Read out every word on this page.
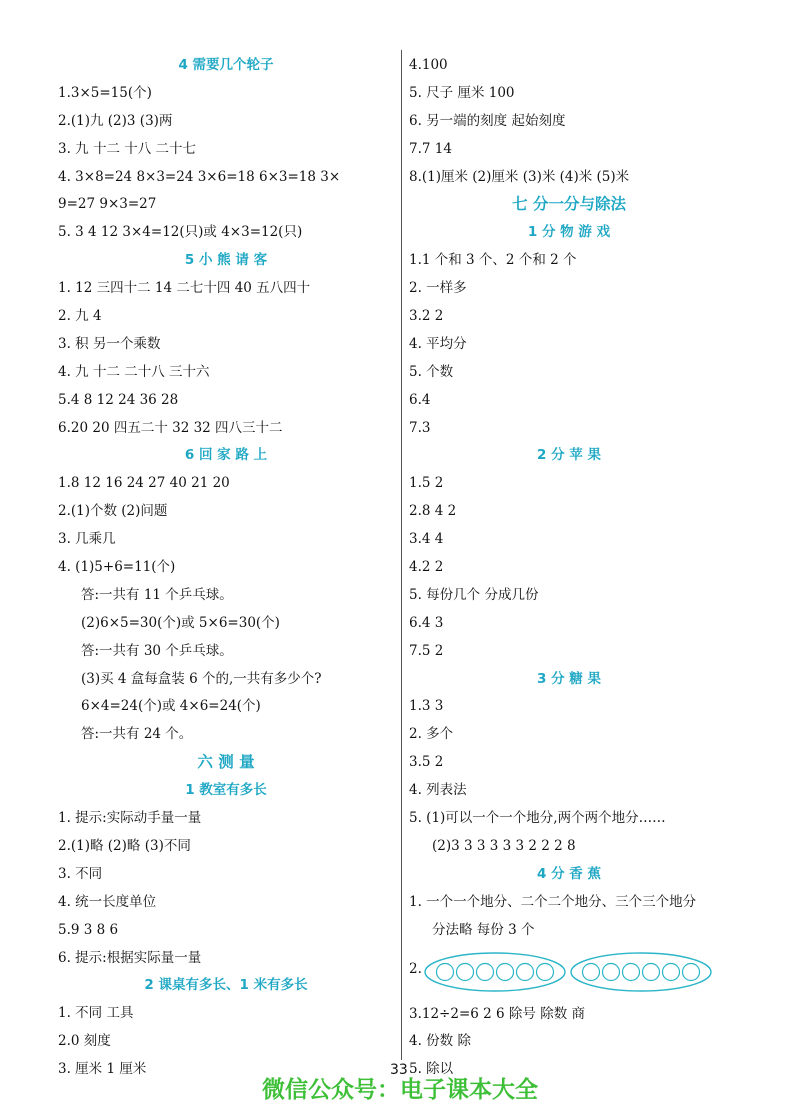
4 需要几个轮子
1.3×5=15(个)
2.(1)九 (2)3 (3)两
3. 九 十二 十八 二十七
4. 3×8=24 8×3=24 3×6=18 6×3=18 3×
9=27 9×3=27
5. 3 4 12 3×4=12(只)或 4×3=12(只)
5 小 熊 请 客
1. 12 三四十二 14 二七十四 40 五八四十
2. 九 4
3. 积 另一个乘数
4. 九 十二 二十八 三十六
5.4 8 12 24 36 28
6.20 20 四五二十 32 32 四八三十二
6 回 家 路 上
1.8 12 16 24 27 40 21 20
2.(1)个数 (2)问题
3. 几乘几
4. (1)5+6=11(个)
答:一共有 11 个乒乓球。
(2)6×5=30(个)或 5×6=30(个)
答:一共有 30 个乒乓球。
(3)买 4 盒每盒装 6 个的,一共有多少个?
6×4=24(个)或 4×6=24(个)
答:一共有 24 个。
六 测 量
1 教室有多长
1. 提示:实际动手量一量
2.(1)略 (2)略 (3)不同
3. 不同
4. 统一长度单位
5.9 3 8 6
6. 提示:根据实际量一量
2 课桌有多长、1 米有多长
1. 不同 工具
2.0 刻度
3. 厘米 1 厘米
4.100
5. 尺子 厘米 100
6. 另一端的刻度 起始刻度
7.7 14
8.(1)厘米 (2)厘米 (3)米 (4)米 (5)米
七 分一分与除法
1 分 物 游 戏
1.1 个和 3 个、2 个和 2 个
2. 一样多
3.2 2
4. 平均分
5. 个数
6.4
7.3
2 分 苹 果
1.5 2
2.8 4 2
3.4 4
4.2 2
5. 每份几个 分成几份
6.4 3
7.5 2
3 分 糖 果
1.3 3
2. 多个
3.5 2
4. 列表法
5. (1)可以一个一个地分,两个两个地分……
(2)3 3 3 3 3 3 2 2 2 8
4 分 香 蕉
1. 一个一个地分、二个二个地分、三个三个地分
分法略 每份 3 个
2.
3.12÷2=6 2 6 除号 除数 商
4. 份数 除
5. 除以
33
微信公众号：电子课本大全
